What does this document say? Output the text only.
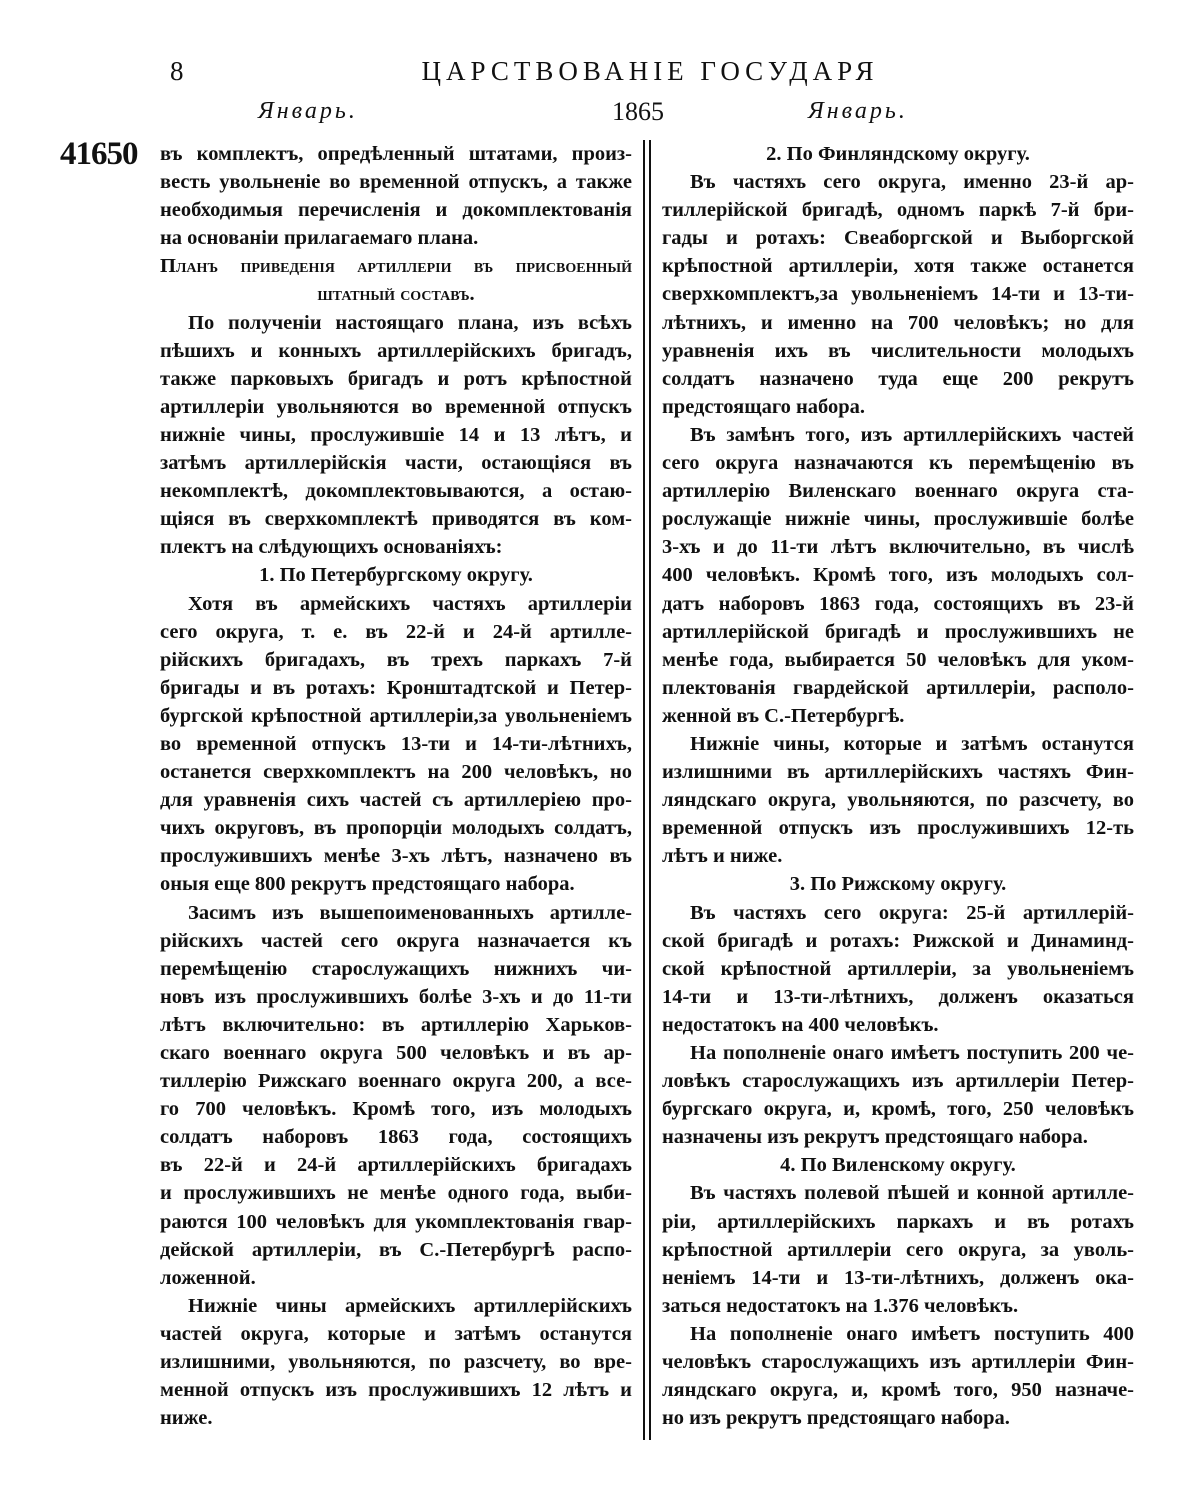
8	ЦАРСТВОВАНІЕ ГОСУДАРЯ
Январь.	1865	Январь.
41650 въ комплектъ, опредѣленный штатами, произ-
весть увольненіе во временной отпускъ, а также
необходимыя перечисленія и докомплектованія
на основаніи прилагаемаго плана.
Планъ приведенія артиллеріи въ присвоенный
штатный составъ.
По полученіи настоящаго плана, изъ всѣхъ
пѣшихъ и конныхъ артиллерійскихъ бригадъ,
также парковыхъ бригадъ и ротъ крѣпостной
артиллеріи увольняются во временной отпускъ
нижніе чины, прослужившіе 14 и 13 лѣтъ, и
затѣмъ артиллерійскія части, остающіяся въ
некомплектѣ, докомплектовываются, а остаю-
щіяся въ сверхкомплектѣ приводятся въ ком-
плектъ на слѣдующихъ основаніяхъ:
1. По Петербургскому округу.
Хотя въ армейскихъ частяхъ артиллеріи
сего округа, т. е. въ 22-й и 24-й артилле-
рійскихъ бригадахъ, въ трехъ паркахъ 7-й
бригады и въ ротахъ: Кронштадтской и Петер-
бургской крѣпостной артиллеріи,за увольненіемъ
во временной отпускъ 13-ти и 14-ти-лѣтнихъ,
останется сверхкомплектъ на 200 человѣкъ, но
для уравненія сихъ частей съ артиллеріею про-
чихъ округовъ, въ пропорціи молодыхъ солдатъ,
прослужившихъ менѣе 3-хъ лѣтъ, назначено въ
оныя еще 800 рекрутъ предстоящаго набора.
Засимъ изъ вышепоименованныхъ артилле-
рійскихъ частей сего округа назначается къ
перемѣщенію старослужащихъ нижнихъ чи-
новъ изъ прослужившихъ болѣе 3-хъ и до 11-ти
лѣтъ включительно: въ артиллерію Харьков-
скаго военнаго округа 500 человѣкъ и въ ар-
тиллерію Рижскаго военнаго округа 200, а все-
го 700 человѣкъ. Кромѣ того, изъ молодыхъ
солдатъ наборовъ 1863 года, состоящихъ
въ 22-й и 24-й артиллерійскихъ бригадахъ
и прослужившихъ не менѣе одного года, выби-
раются 100 человѣкъ для укомплектованія гвар-
дейской артиллеріи, въ С.-Петербургѣ распо-
ложенной.
Нижніе чины армейскихъ артиллерійскихъ
частей округа, которые и затѣмъ останутся
излишними, увольняются, по разсчету, во вре-
менной отпускъ изъ прослужившихъ 12 лѣтъ и
ниже.
2. По Финляндскому округу.
Въ частяхъ сего округа, именно 23-й ар-
тиллерійской бригадѣ, одномъ паркѣ 7-й бри-
гады и ротахъ: Свеаборгской и Выборгской
крѣпостной артиллеріи, хотя также останется
сверхкомплектъ,за увольненіемъ 14-ти и 13-ти-
лѣтнихъ, и именно на 700 человѣкъ; но для
уравненія ихъ въ числительности молодыхъ
солдатъ назначено туда еще 200 рекрутъ
предстоящаго набора.
Въ замѣнъ того, изъ артиллерійскихъ частей
сего округа назначаются къ перемѣщенію въ
артиллерію Виленскаго военнаго округа ста-
рослужащіе нижніе чины, прослужившіе болѣе
3-хъ и до 11-ти лѣтъ включительно, въ числѣ
400 человѣкъ. Кромѣ того, изъ молодыхъ сол-
датъ наборовъ 1863 года, состоящихъ въ 23-й
артиллерійской бригадѣ и прослужившихъ не
менѣе года, выбирается 50 человѣкъ для уком-
плектованія гвардейской артиллеріи, располо-
женной въ С.-Петербургѣ.
Нижніе чины, которые и затѣмъ останутся
излишними въ артиллерійскихъ частяхъ Фин-
ляндскаго округа, увольняются, по разсчету, во
временной отпускъ изъ прослужившихъ 12-ть
лѣтъ и ниже.
3. По Рижскому округу.
Въ частяхъ сего округа: 25-й артиллерій-
ской бригадѣ и ротахъ: Рижской и Динаминд-
ской крѣпостной артиллеріи, за увольненіемъ
14-ти и 13-ти-лѣтнихъ, долженъ оказаться
недостатокъ на 400 человѣкъ.
На пополненіе онаго имѣетъ поступить 200 че-
ловѣкъ старослужащихъ изъ артиллеріи Петер-
бургскаго округа, и, кромѣ, того, 250 человѣкъ
назначены изъ рекрутъ предстоящаго набора.
4. По Виленскому округу.
Въ частяхъ полевой пѣшей и конной артилле-
ріи, артиллерійскихъ паркахъ и въ ротахъ
крѣпостной артиллеріи сего округа, за уволь-
неніемъ 14-ти и 13-ти-лѣтнихъ, долженъ ока-
заться недостатокъ на 1.376 человѣкъ.
На пополненіе онаго имѣетъ поступить 400
человѣкъ старослужащихъ изъ артиллеріи Фин-
ляндскаго округа, и, кромѣ того, 950 назначе-
но изъ рекрутъ предстоящаго набора.
